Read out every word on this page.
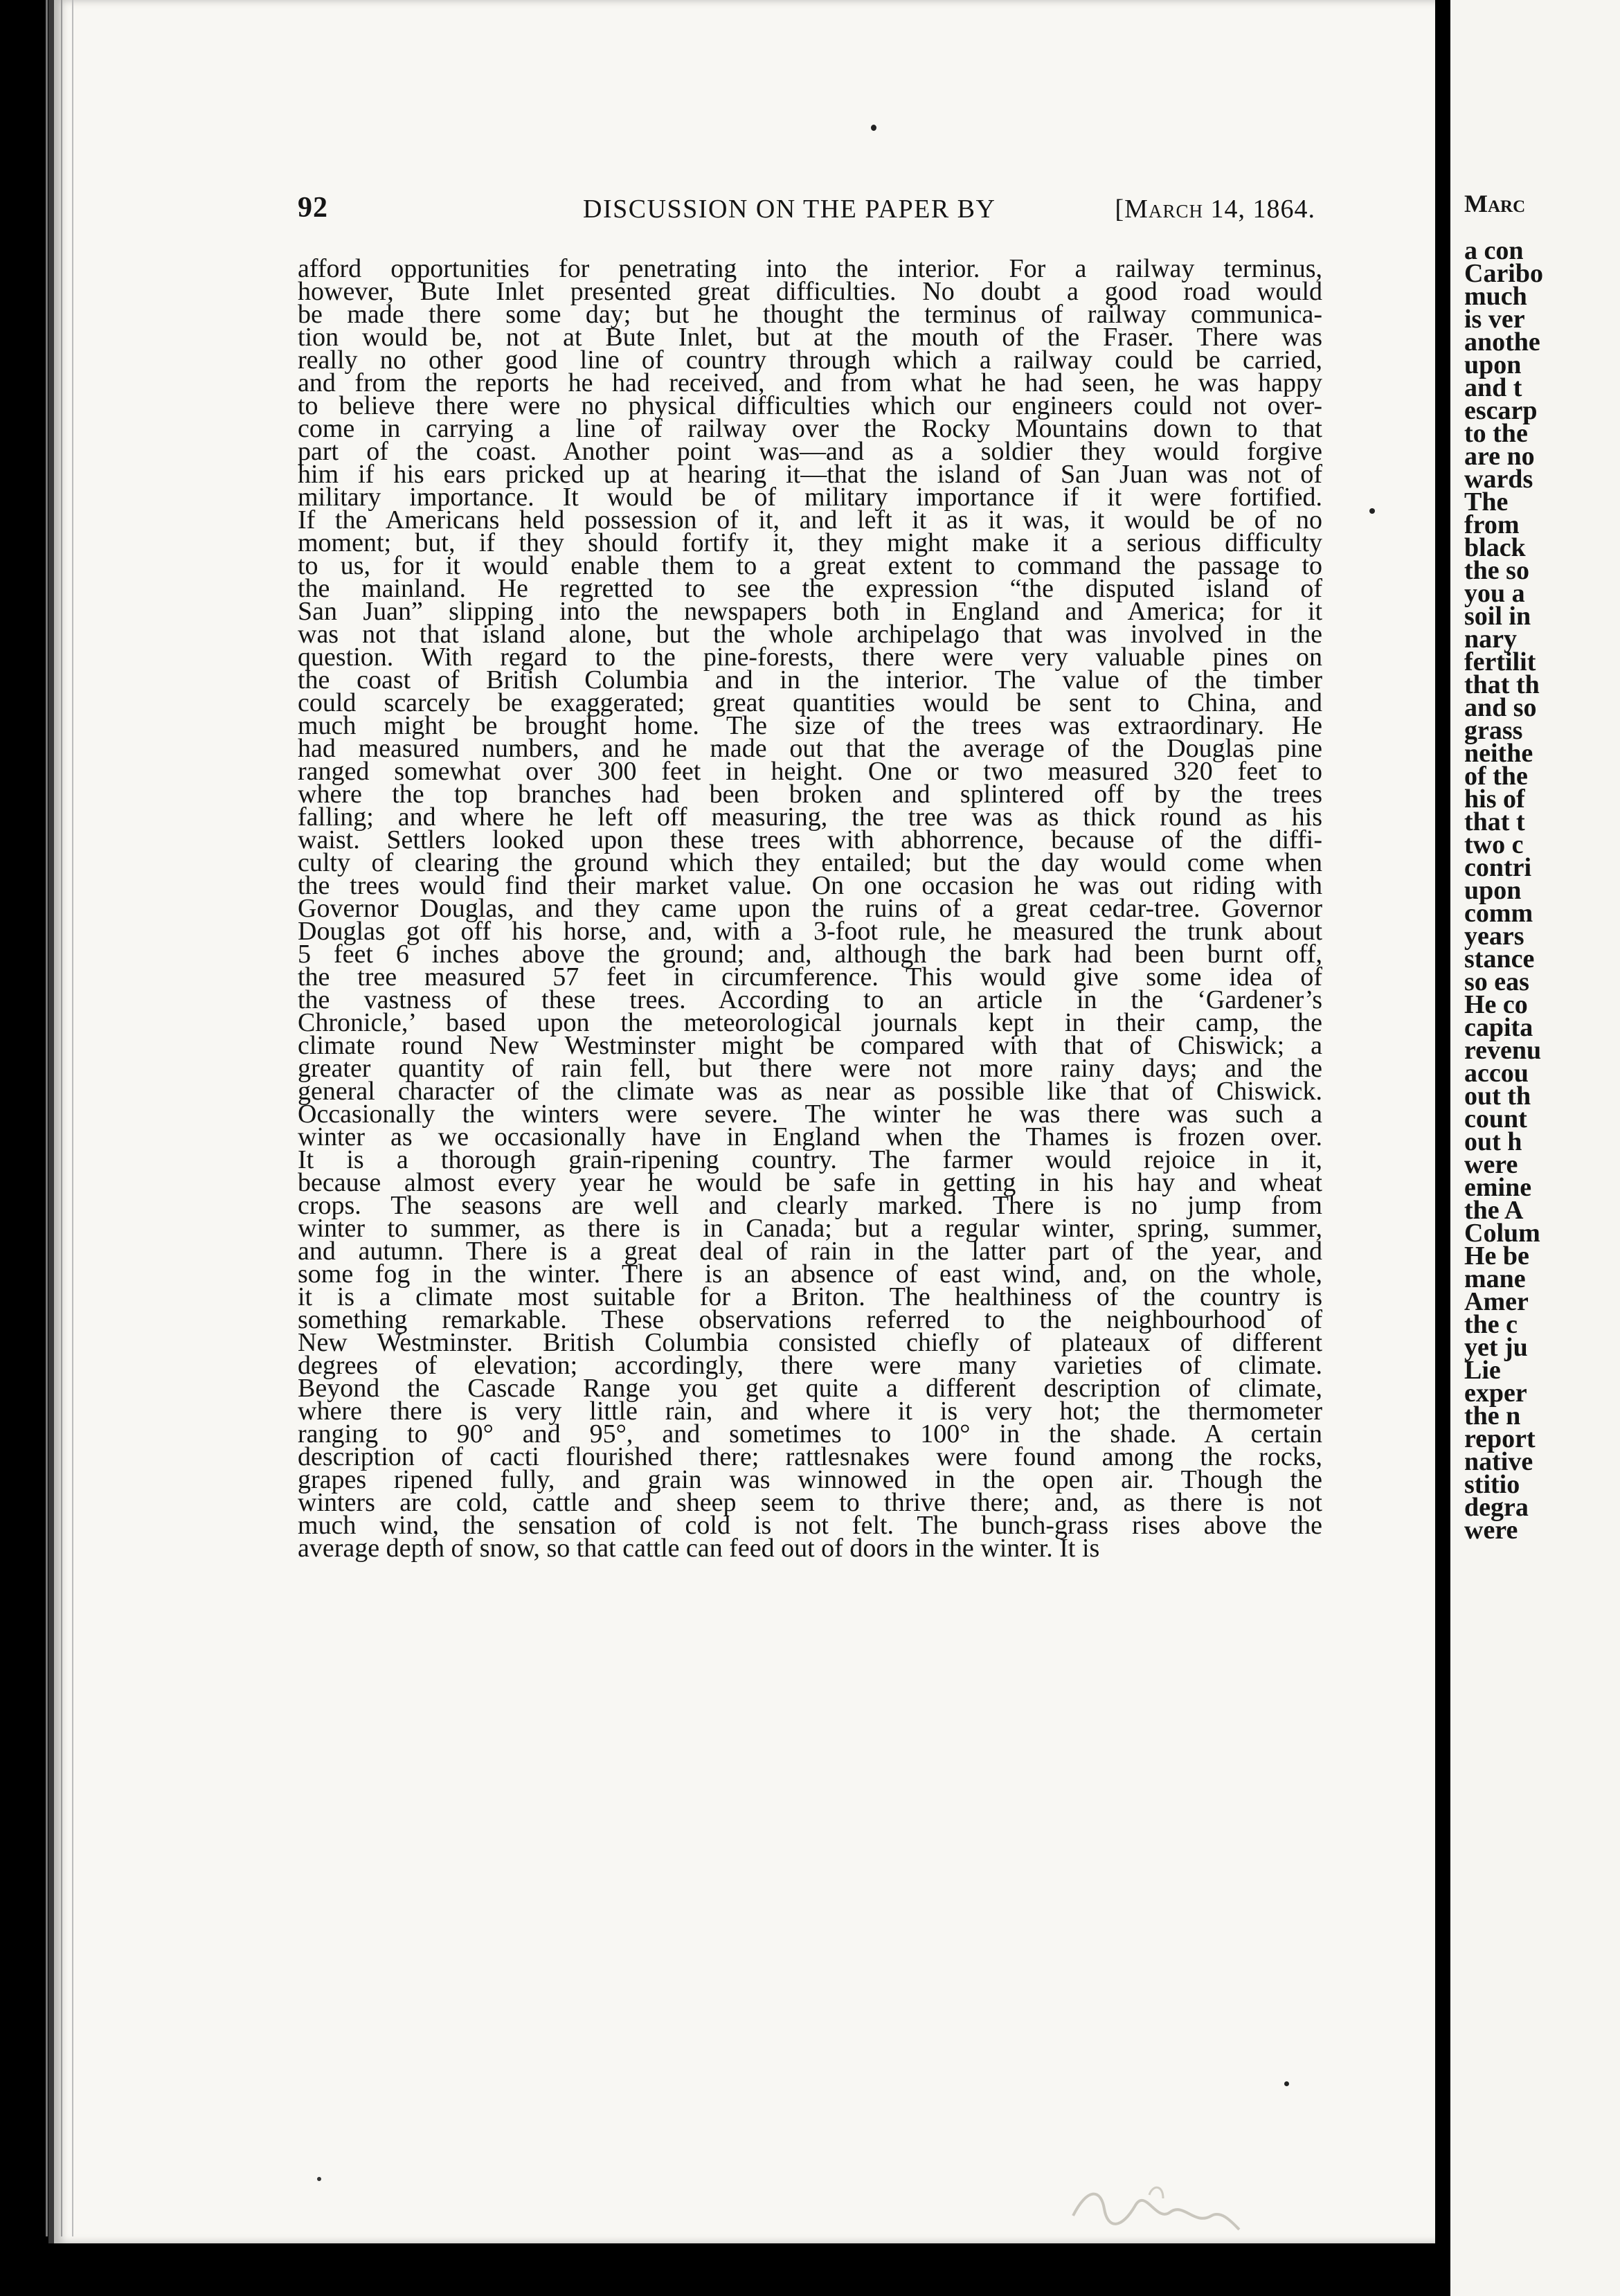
92	DISCUSSION ON THE PAPER BY	[March 14, 1864.
afford opportunities for penetrating into the interior. For a railway terminus,
however, Bute Inlet presented great difficulties. No doubt a good road would
be made there some day; but he thought the terminus of railway communica-
tion would be, not at Bute Inlet, but at the mouth of the Fraser. There was
really no other good line of country through which a railway could be carried,
and from the reports he had received, and from what he had seen, he was happy
to believe there were no physical difficulties which our engineers could not over-
come in carrying a line of railway over the Rocky Mountains down to that
part of the coast. Another point was—and as a soldier they would forgive
him if his ears pricked up at hearing it—that the island of San Juan was not of
military importance. It would be of military importance if it were fortified.
If the Americans held possession of it, and left it as it was, it would be of no
moment; but, if they should fortify it, they might make it a serious difficulty
to us, for it would enable them to a great extent to command the passage to
the mainland. He regretted to see the expression “the disputed island of
San Juan” slipping into the newspapers both in England and America; for it
was not that island alone, but the whole archipelago that was involved in the
question. With regard to the pine-forests, there were very valuable pines on
the coast of British Columbia and in the interior. The value of the timber
could scarcely be exaggerated; great quantities would be sent to China, and
much might be brought home. The size of the trees was extraordinary. He
had measured numbers, and he made out that the average of the Douglas pine
ranged somewhat over 300 feet in height. One or two measured 320 feet to
where the top branches had been broken and splintered off by the trees
falling; and where he left off measuring, the tree was as thick round as his
waist. Settlers looked upon these trees with abhorrence, because of the diffi-
culty of clearing the ground which they entailed; but the day would come when
the trees would find their market value. On one occasion he was out riding with
Governor Douglas, and they came upon the ruins of a great cedar-tree. Governor
Douglas got off his horse, and, with a 3-foot rule, he measured the trunk about
5 feet 6 inches above the ground; and, although the bark had been burnt off,
the tree measured 57 feet in circumference. This would give some idea of
the vastness of these trees. According to an article in the ‘Gardener’s
Chronicle,’ based upon the meteorological journals kept in their camp, the
climate round New Westminster might be compared with that of Chiswick; a
greater quantity of rain fell, but there were not more rainy days; and the
general character of the climate was as near as possible like that of Chiswick.
Occasionally the winters were severe. The winter he was there was such a
winter as we occasionally have in England when the Thames is frozen over.
It is a thorough grain-ripening country. The farmer would rejoice in it,
because almost every year he would be safe in getting in his hay and wheat
crops. The seasons are well and clearly marked. There is no jump from
winter to summer, as there is in Canada; but a regular winter, spring, summer,
and autumn. There is a great deal of rain in the latter part of the year, and
some fog in the winter. There is an absence of east wind, and, on the whole,
it is a climate most suitable for a Briton. The healthiness of the country is
something remarkable. These observations referred to the neighbourhood of
New Westminster. British Columbia consisted chiefly of plateaux of different
degrees of elevation; accordingly, there were many varieties of climate.
Beyond the Cascade Range you get quite a different description of climate,
where there is very little rain, and where it is very hot; the thermometer
ranging to 90° and 95°, and sometimes to 100° in the shade. A certain
description of cacti flourished there; rattlesnakes were found among the rocks,
grapes ripened fully, and grain was winnowed in the open air. Though the
winters are cold, cattle and sheep seem to thrive there; and, as there is not
much wind, the sensation of cold is not felt. The bunch-grass rises above the
average depth of snow, so that cattle can feed out of doors in the winter. It is
Marc
a con
Caribo
much
is ver
anothe
upon
and t
escarp
to the
are no
wards
The
from
black
the so
you a
soil in
nary
fertilit
that th
and so
grass
neithe
of the
his of
that t
two c
contri
upon
comm
years
stance
so eas
He co
capita
revenu
accou
out th
count
out h
were
emine
the A
Colum
He be
mane
Amer
the c
yet ju
Lie
exper
the n
report
native
stitio
degra
were
